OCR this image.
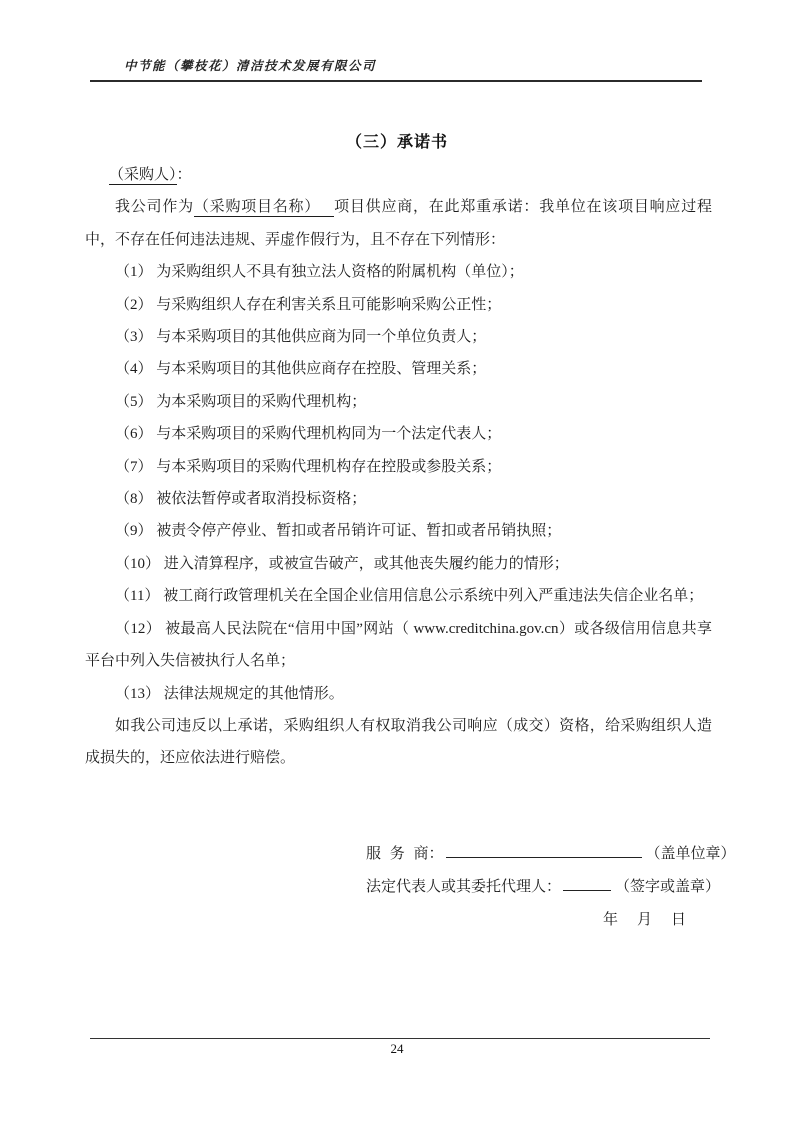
中节能（攀枝花）清洁技术发展有限公司
（三）承诺书

（采购人）：

我公司作为（采购项目名称） 项目供应商，在此郑重承诺：我单位在该项目响应过程中，不存在任何违法违规、弄虚作假行为，且不存在下列情形：

（1） 为采购组织人不具有独立法人资格的附属机构（单位）；

（2） 与采购组织人存在利害关系且可能影响采购公正性；

（3） 与本采购项目的其他供应商为同一个单位负责人；

（4） 与本采购项目的其他供应商存在控股、管理关系；

（5） 为本采购项目的采购代理机构；

（6） 与本采购项目的采购代理机构同为一个法定代表人；

（7） 与本采购项目的采购代理机构存在控股或参股关系；

（8） 被依法暂停或者取消投标资格；

（9） 被责令停产停业、暂扣或者吊销许可证、暂扣或者吊销执照；

（10） 进入清算程序，或被宣告破产，或其他丧失履约能力的情形；

（11） 被工商行政管理机关在全国企业信用信息公示系统中列入严重违法失信企业名单；

（12） 被最高人民法院在“信用中国”网站（ www.creditchina.gov.cn）或各级信用信息共享平台中列入失信被执行人名单；

（13） 法律法规规定的其他情形。

如我公司违反以上承诺，采购组织人有权取消我公司响应（成交）资格，给采购组织人造成损失的，还应依法进行赔偿。

服 务 商：	（盖单位章）
法定代表人或其委托代理人：	（签字或盖章）
年　月　日
24
